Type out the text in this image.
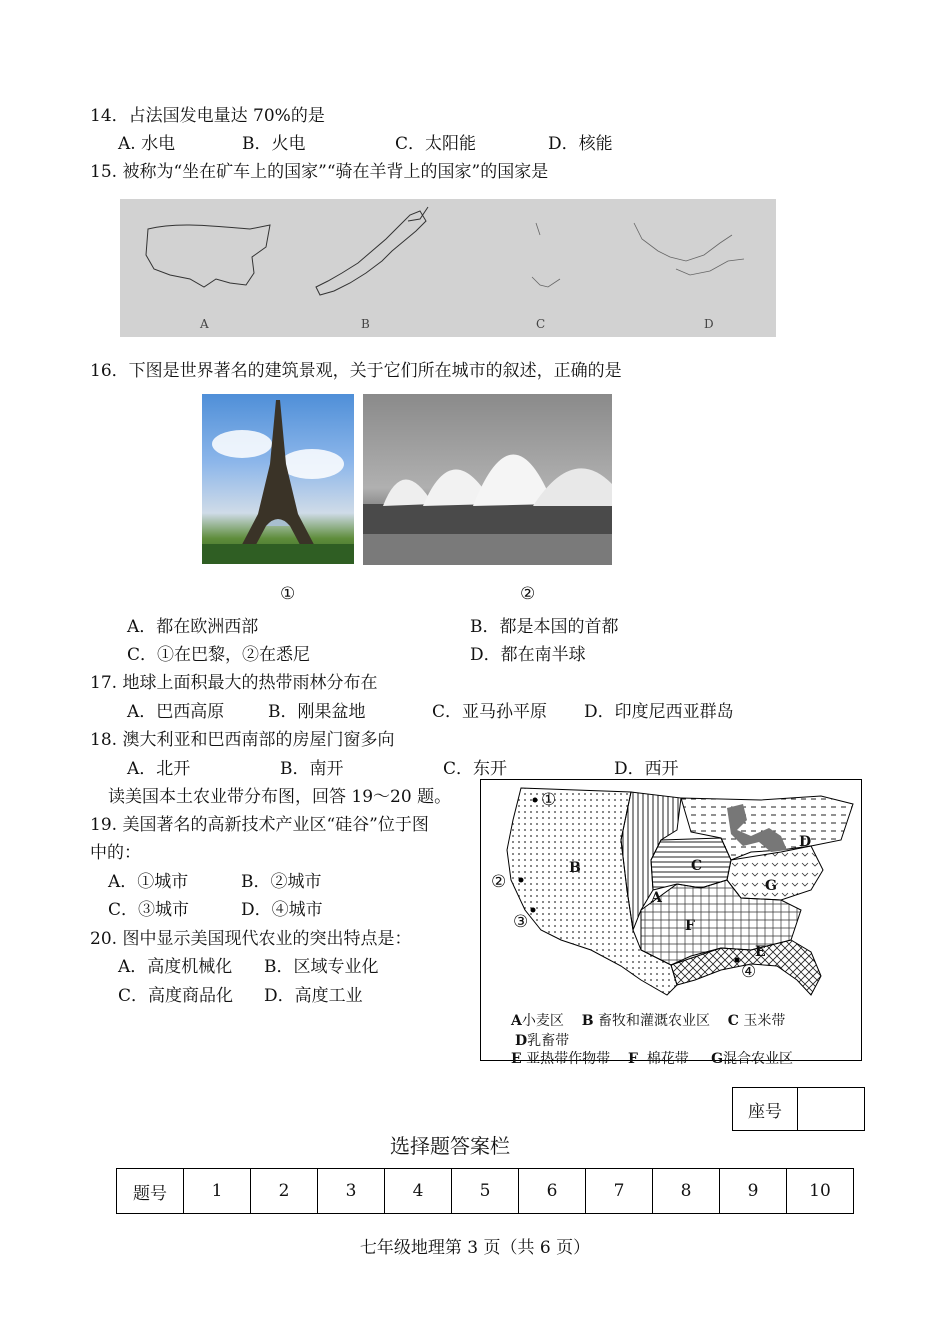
14．占法国发电量达 70%的是
A. 水电	B．火电	C．太阳能	D．核能
15. 被称为“坐在矿车上的国家”“骑在羊背上的国家”的国家是
A	B	C	D
16．下图是世界著名的建筑景观，关于它们所在城市的叙述，正确的是
①	②
A．都在欧洲西部	B．都是本国的首都
C．①在巴黎，②在悉尼	D．都在南半球
17. 地球上面积最大的热带雨林分布在
A．巴西高原	B．刚果盆地	C．亚马孙平原 D．印度尼西亚群岛
18. 澳大利亚和巴西南部的房屋门窗多向
A．北开	B．南开	C．东开	D．西开
读美国本土农业带分布图，回答 19～20 题。
19. 美国著名的高新技术产业区“硅谷”位于图
中的：
A．①城市	B．②城市
C．③城市	D．④城市
20. 图中显示美国现代农业的突出特点是：
A．高度机械化 B．区域专业化
C．高度商品化 D．高度工业
B
A
C
D
G
F
E
①
②
③
④
A小麦区 B 畜牧和灌溉农业区 C 玉米带
D乳畜带
E 亚热带作物带 F 棉花带 G混合农业区
座号	
选择题答案栏
题号	1	2	3	4	5	6	7	8	9	10
七年级地理第 3 页（共 6 页）
